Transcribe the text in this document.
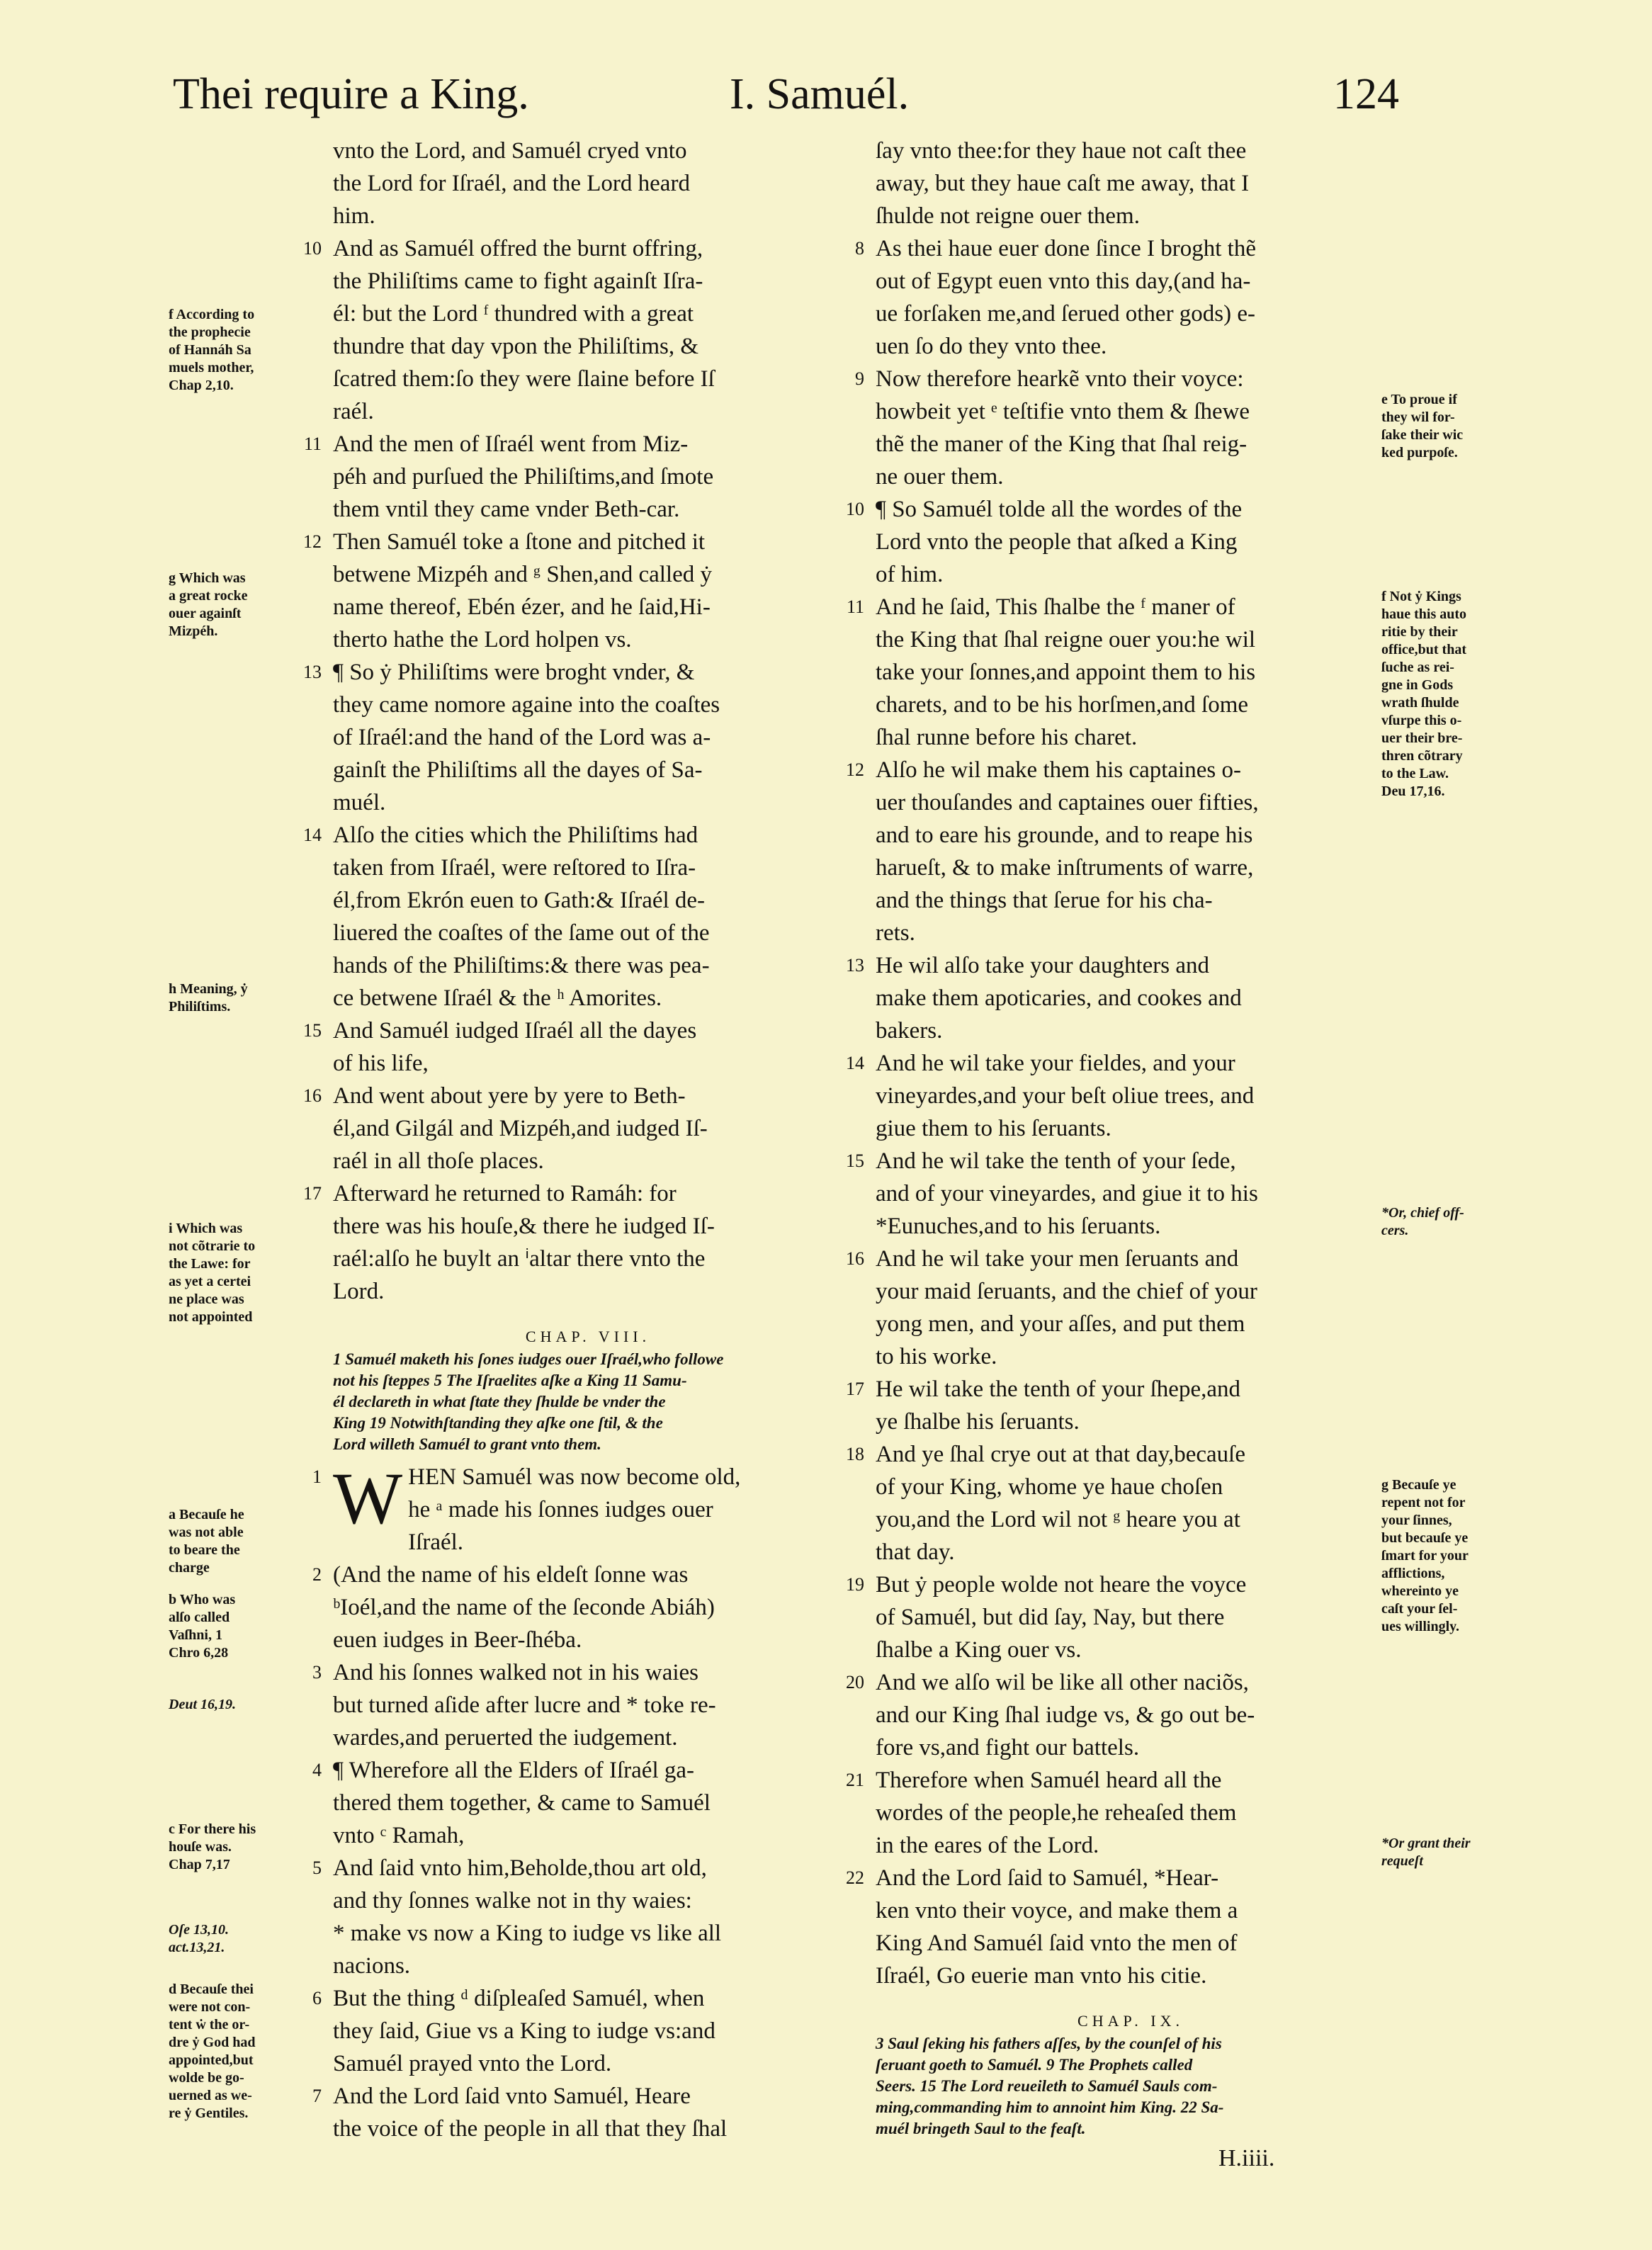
Thei require a King.	I. Samuél.	124
vnto the Lord, and Samuél cryed vnto
the Lord for Iſraél, and the Lord heard
him.
10 And as Samuél offred the burnt offring,
the Philiſtims came to fight againſt Iſra-
él: but the Lord ᶠ thundred with a great
thundre that day vpon the Philiſtims, &
ſcatred them:ſo they were ſlaine before Iſ
raél.
11 And the men of Iſraél went from Miz-
péh and purſued the Philiſtims,and ſmote
them vntil they came vnder Beth-car.
12 Then Samuél toke a ſtone and pitched it
betwene Mizpéh and ᵍ Shen,and called ẏ
name thereof, Ebén ézer, and he ſaid,Hi-
therto hathe the Lord holpen vs.
13 ¶ So ẏ Philiſtims were broght vnder, &
they came nomore againe into the coaſtes
of Iſraél:and the hand of the Lord was a-
gainſt the Philiſtims all the dayes of Sa-
muél.
14 Alſo the cities which the Philiſtims had
taken from Iſraél, were reſtored to Iſra-
él,from Ekrón euen to Gath:& Iſraél de-
liuered the coaſtes of the ſame out of the
hands of the Philiſtims:& there was pea-
ce betwene Iſraél & the ʰ Amorites.
15 And Samuél iudged Iſraél all the dayes
of his life,
16 And went about yere by yere to Beth-
él,and Gilgál and Mizpéh,and iudged Iſ-
raél in all thoſe places.
17 Afterward he returned to Ramáh: for
there was his houſe,& there he iudged Iſ-
raél:alſo he buylt an ⁱaltar there vnto the
Lord.
CHAP. VIII.
1 Samuél maketh his ſones iudges ouer Iſraél,who followe
not his ſteppes 5 The Iſraelites aſke a King 11 Samu-
él declareth in what ſtate they ſhulde be vnder the
King 19 Notwithſtanding they aſke one ſtil, & the
Lord willeth Samuél to grant vnto them.
W
1	HEN Samuél was now become old,
he ᵃ made his ſonnes iudges ouer
Iſraél.
2 (And the name of his eldeſt ſonne was
ᵇIoél,and the name of the ſeconde Abiáh)
euen iudges in Beer-ſhéba.
3 And his ſonnes walked not in his waies
but turned aſide after lucre and * toke re-
wardes,and peruerted the iudgement.
4 ¶ Wherefore all the Elders of Iſraél ga-
thered them together, & came to Samuél
vnto ᶜ Ramah,
5 And ſaid vnto him,Beholde,thou art old,
and thy ſonnes walke not in thy waies:
* make vs now a King to iudge vs like all
nacions.
6 But the thing ᵈ diſpleaſed Samuél, when
they ſaid, Giue vs a King to iudge vs:and
Samuél prayed vnto the Lord.
7 And the Lord ſaid vnto Samuél, Heare
the voice of the people in all that they ſhal
ſay vnto thee:for they haue not caſt thee
away, but they haue caſt me away, that I
ſhulde not reigne ouer them.
8 As thei haue euer done ſince I broght thẽ
out of Egypt euen vnto this day,(and ha-
ue forſaken me,and ſerued other gods) e-
uen ſo do they vnto thee.
9 Now therefore hearkẽ vnto their voyce:
howbeit yet ᵉ teſtifie vnto them & ſhewe
thẽ the maner of the King that ſhal reig-
ne ouer them.
10 ¶ So Samuél tolde all the wordes of the
Lord vnto the people that aſked a King
of him.
11 And he ſaid, This ſhalbe the ᶠ maner of
the King that ſhal reigne ouer you:he wil
take your ſonnes,and appoint them to his
charets, and to be his horſmen,and ſome
ſhal runne before his charet.
12 Alſo he wil make them his captaines o-
uer thouſandes and captaines ouer fifties,
and to eare his grounde, and to reape his
harueſt, & to make inſtruments of warre,
and the things that ſerue for his cha-
rets.
13 He wil alſo take your daughters and
make them apoticaries, and cookes and
bakers.
14 And he wil take your fieldes, and your
vineyardes,and your beſt oliue trees, and
giue them to his ſeruants.
15 And he wil take the tenth of your ſede,
and of your vineyardes, and giue it to his
*Eunuches,and to his ſeruants.
16 And he wil take your men ſeruants and
your maid ſeruants, and the chief of your
yong men, and your aſſes, and put them
to his worke.
17 He wil take the tenth of your ſhepe,and
ye ſhalbe his ſeruants.
18 And ye ſhal crye out at that day,becauſe
of your King, whome ye haue choſen
you,and the Lord wil not ᵍ heare you at
that day.
19 But ẏ people wolde not heare the voyce
of Samuél, but did ſay, Nay, but there
ſhalbe a King ouer vs.
20 And we alſo wil be like all other naciõs,
and our King ſhal iudge vs, & go out be-
fore vs,and fight our battels.
21 Therefore when Samuél heard all the
wordes of the people,he reheaſed them
in the eares of the Lord.
22 And the Lord ſaid to Samuél, *Hear-
ken vnto their voyce, and make them a
King And Samuél ſaid vnto the men of
Iſraél, Go euerie man vnto his citie.
CHAP. IX.
3 Saul ſeking his fathers aſſes, by the counſel of his
ſeruant goeth to Samuél. 9 The Prophets called
Seers. 15 The Lord reueileth to Samuél Sauls com-
ming,commanding him to annoint him King. 22 Sa-
muél bringeth Saul to the feaſt.
H.iiii.
f According to
the prophecie
of Hannáh Sa
muels mother,
Chap 2,10.
g Which was
a great rocke
ouer againſt
Mizpéh.
h Meaning, ẏ
Philiſtims.
i Which was
not cõtrarie to
the Lawe: for
as yet a certei
ne place was
not appointed
a Becauſe he
was not able
to beare the
charge
b Who was
alſo called
Vaſhni, 1
Chro 6,28
Deut 16,19.
c For there his
houſe was.
Chap 7,17
Oſe 13,10.
act.13,21.
d Becauſe thei
were not con-
tent ẇ the or-
dre ẏ God had
appointed,but
wolde be go-
uerned as we-
re ẏ Gentiles.
e To proue if
they wil for-
ſake their wic
ked purpoſe.
f Not ẏ Kings
haue this auto
ritie by their
office,but that
ſuche as rei-
gne in Gods
wrath ſhulde
vſurpe this o-
uer their bre-
thren cõtrary
to the Law.
Deu 17,16.
*Or, chief off-
cers.
g Becauſe ye
repent not for
your ſinnes,
but becauſe ye
ſmart for your
afflictions,
whereinto ye
caſt your ſel-
ues willingly.
*Or grant their
requeſt
